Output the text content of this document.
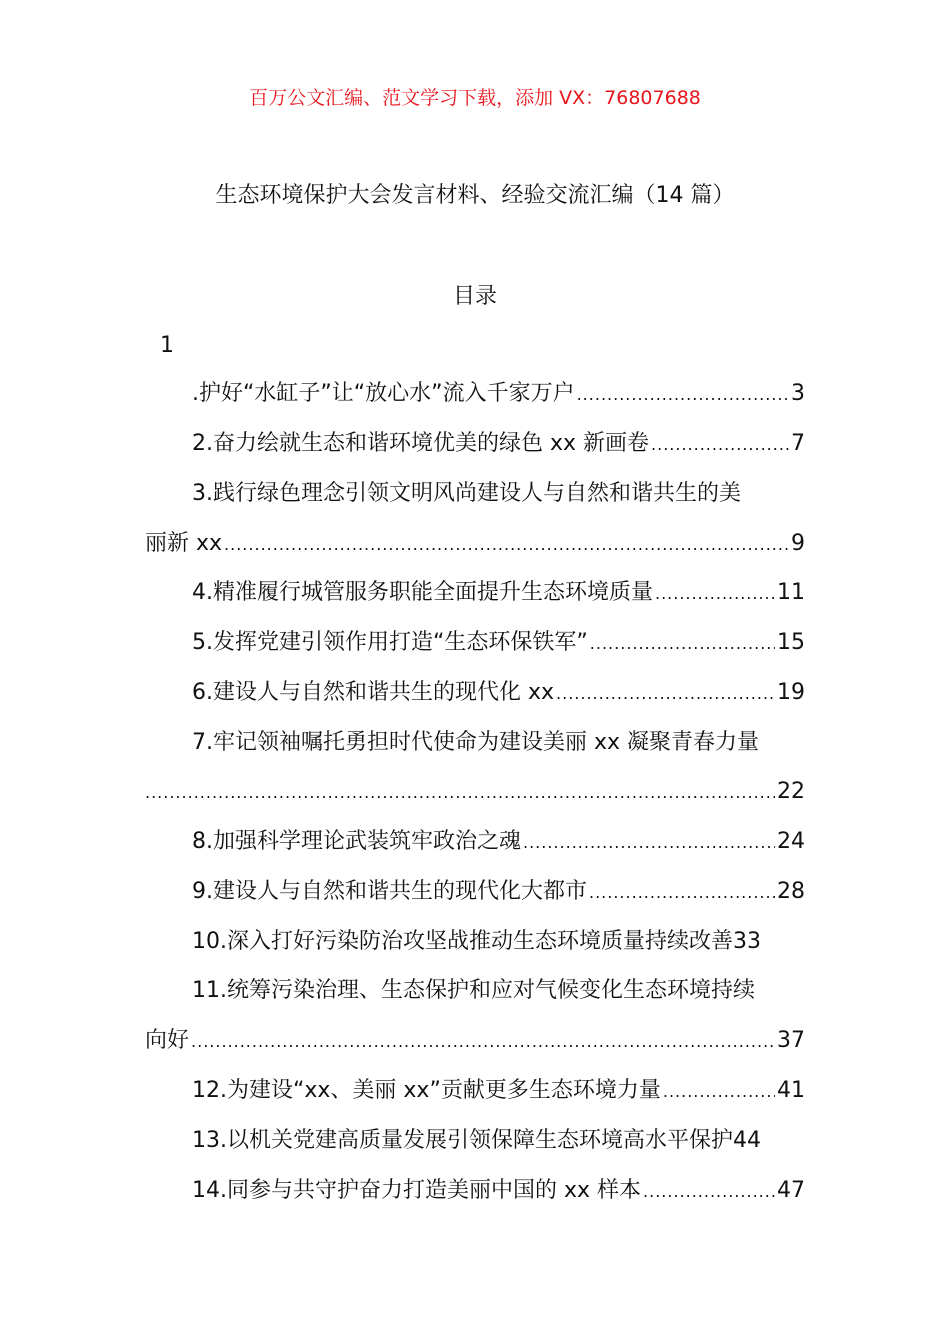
百万公文汇编、范文学习下载，添加 VX：76807688
生态环境保护大会发言材料、经验交流汇编（14 篇）
目录
1
.护好“水缸子”让“放心水”流入千家万户 .....	3
2.奋力绘就生态和谐环境优美的绿色 xx 新画卷 .....	7
3.践行绿色理念引领文明风尚建设人与自然和谐共生的美
丽新 xx .....	9
4.精准履行城管服务职能全面提升生态环境质量 .....	11
5.发挥党建引领作用打造“生态环保铁军” .....	15
6.建设人与自然和谐共生的现代化 xx .....	19
7.牢记领袖嘱托勇担时代使命为建设美丽 xx 凝聚青春力量
.....
22
8.加强科学理论武装筑牢政治之魂 .....	24
9.建设人与自然和谐共生的现代化大都市 .....	28
10.深入打好污染防治攻坚战推动生态环境质量持续改善 33
11.统筹污染治理、生态保护和应对气候变化生态环境持续
向好 .....	37
12.为建设“xx、美丽 xx”贡献更多生态环境力量 .....	41
13.以机关党建高质量发展引领保障生态环境高水平保护 44
14.同参与共守护奋力打造美丽中国的 xx 样本 .....	47
